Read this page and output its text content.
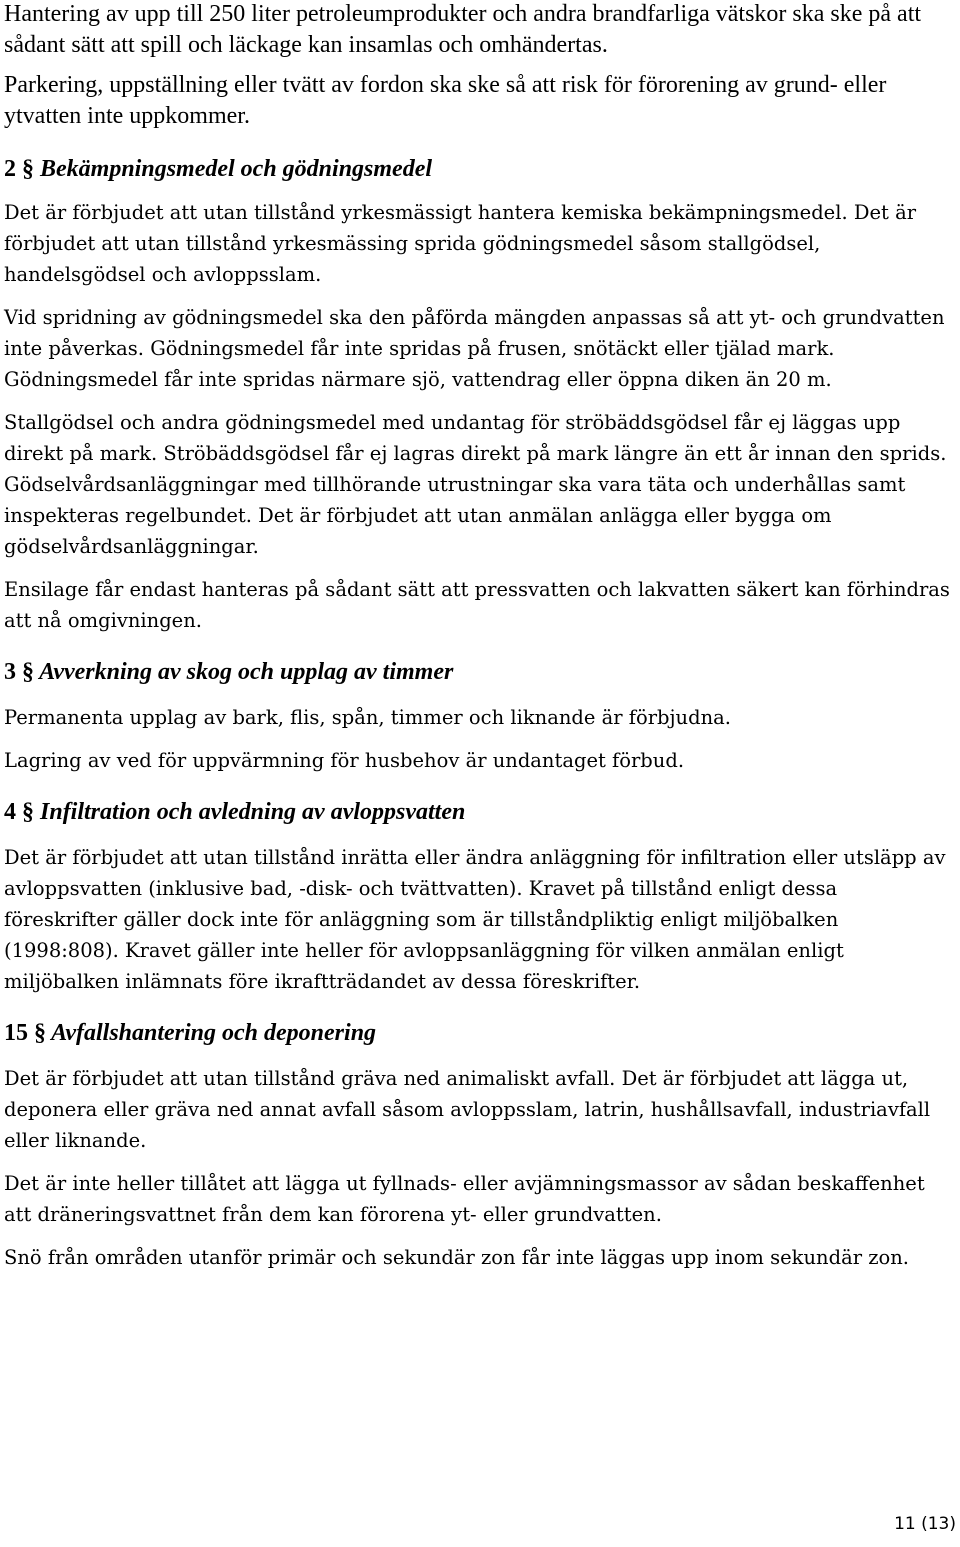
Hantering av upp till 250 liter petroleumprodukter och andra brandfarliga vätskor ska ske på att sådant sätt att spill och läckage kan insamlas och omhändertas.

Parkering, uppställning eller tvätt av fordon ska ske så att risk för förorening av grund- eller ytvatten inte uppkommer.

2 § Bekämpningsmedel och gödningsmedel

Det är förbjudet att utan tillstånd yrkesmässigt hantera kemiska bekämpningsmedel. Det är förbjudet att utan tillstånd yrkesmässing sprida gödningsmedel såsom stallgödsel, handelsgödsel och avloppsslam.

Vid spridning av gödningsmedel ska den påförda mängden anpassas så att yt- och grundvatten inte påverkas. Gödningsmedel får inte spridas på frusen, snötäckt eller tjälad mark. Gödningsmedel får inte spridas närmare sjö, vattendrag eller öppna diken än 20 m.

Stallgödsel och andra gödningsmedel med undantag för ströbäddsgödsel får ej läggas upp direkt på mark. Ströbäddsgödsel får ej lagras direkt på mark längre än ett år innan den sprids. Gödselvårdsanläggningar med tillhörande utrustningar ska vara täta och underhållas samt inspekteras regelbundet. Det är förbjudet att utan anmälan anlägga eller bygga om gödselvårdsanläggningar.

Ensilage får endast hanteras på sådant sätt att pressvatten och lakvatten säkert kan förhindras att nå omgivningen.

3 § Avverkning av skog och upplag av timmer

Permanenta upplag av bark, flis, spån, timmer och liknande är förbjudna.

Lagring av ved för uppvärmning för husbehov är undantaget förbud.

4 § Infiltration och avledning av avloppsvatten

Det är förbjudet att utan tillstånd inrätta eller ändra anläggning för infiltration eller utsläpp av avloppsvatten (inklusive bad, -disk- och tvättvatten). Kravet på tillstånd enligt dessa föreskrifter gäller dock inte för anläggning som är tillståndpliktig enligt miljöbalken (1998:808). Kravet gäller inte heller för avloppsanläggning för vilken anmälan enligt miljöbalken inlämnats före ikraftträdandet av dessa föreskrifter.

15 § Avfallshantering och deponering

Det är förbjudet att utan tillstånd gräva ned animaliskt avfall. Det är förbjudet att lägga ut, deponera eller gräva ned annat avfall såsom avloppsslam, latrin, hushållsavfall, industriavfall eller liknande.

Det är inte heller tillåtet att lägga ut fyllnads- eller avjämningsmassor av sådan beskaffenhet att dräneringsvattnet från dem kan förorena yt- eller grundvatten.

Snö från områden utanför primär och sekundär zon får inte läggas upp inom sekundär zon.

11 (13)
